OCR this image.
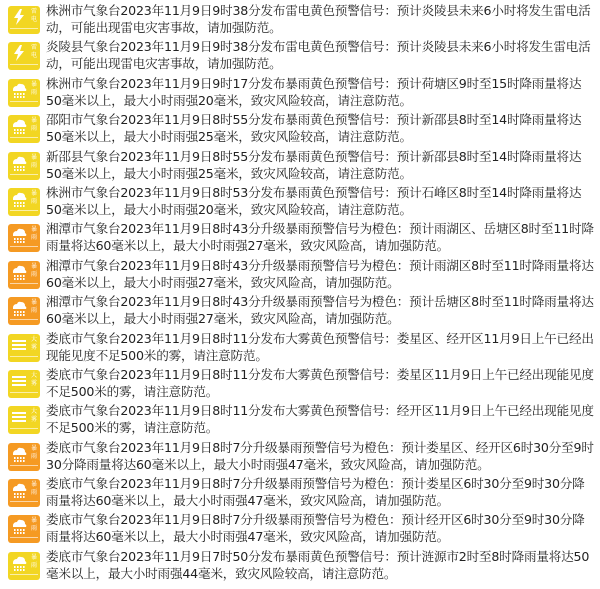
雷电
株洲市气象台2023年11月9日9时38分发布雷电黄色预警信号：预计炎陵县未来6小时将发生雷电活动，可能出现雷电灾害事故，请加强防范。
雷电
炎陵县气象台2023年11月9日9时38分发布雷电黄色预警信号：预计炎陵县未来6小时将发生雷电活动，可能出现雷电灾害事故，请加强防范。
暴雨
株洲市气象台2023年11月9日9时17分发布暴雨黄色预警信号：预计荷塘区9时至15时降雨量将达50毫米以上，最大小时雨强20毫米，致灾风险较高，请注意防范。
暴雨
邵阳市气象台2023年11月9日8时55分发布暴雨黄色预警信号：预计新邵县8时至14时降雨量将达50毫米以上，最大小时雨强25毫米，致灾风险较高，请注意防范。
暴雨
新邵县气象台2023年11月9日8时55分发布暴雨黄色预警信号：预计新邵县8时至14时降雨量将达50毫米以上，最大小时雨强25毫米，致灾风险较高，请注意防范。
暴雨
株洲市气象台2023年11月9日8时53分发布暴雨黄色预警信号：预计石峰区8时至14时降雨量将达50毫米以上，最大小时雨强20毫米，致灾风险较高，请注意防范。
暴雨
湘潭市气象台2023年11月9日8时43分升级暴雨预警信号为橙色：预计雨湖区、岳塘区8时至11时降雨量将达60毫米以上，最大小时雨强27毫米，致灾风险高，请加强防范。
暴雨
湘潭市气象台2023年11月9日8时43分升级暴雨预警信号为橙色：预计雨湖区8时至11时降雨量将达60毫米以上，最大小时雨强27毫米，致灾风险高，请加强防范。
暴雨
湘潭市气象台2023年11月9日8时43分升级暴雨预警信号为橙色：预计岳塘区8时至11时降雨量将达60毫米以上，最大小时雨强27毫米，致灾风险高，请加强防范。
大雾
娄底市气象台2023年11月9日8时11分发布大雾黄色预警信号：娄星区、经开区11月9日上午已经出现能见度不足500米的雾，请注意防范。
大雾
娄底市气象台2023年11月9日8时11分发布大雾黄色预警信号：娄星区11月9日上午已经出现能见度不足500米的雾，请注意防范。
大雾
娄底市气象台2023年11月9日8时11分发布大雾黄色预警信号：经开区11月9日上午已经出现能见度不足500米的雾，请注意防范。
暴雨
娄底市气象台2023年11月9日8时7分升级暴雨预警信号为橙色：预计娄星区、经开区6时30分至9时30分降雨量将达60毫米以上，最大小时雨强47毫米，致灾风险高，请加强防范。
暴雨
娄底市气象台2023年11月9日8时7分升级暴雨预警信号为橙色：预计娄星区6时30分至9时30分降雨量将达60毫米以上，最大小时雨强47毫米，致灾风险高，请加强防范。
暴雨
娄底市气象台2023年11月9日8时7分升级暴雨预警信号为橙色：预计经开区6时30分至9时30分降雨量将达60毫米以上，最大小时雨强47毫米，致灾风险高，请加强防范。
暴雨
娄底市气象台2023年11月9日7时50分发布暴雨黄色预警信号：预计涟源市2时至8时降雨量将达50毫米以上，最大小时雨强44毫米，致灾风险较高，请注意防范。
